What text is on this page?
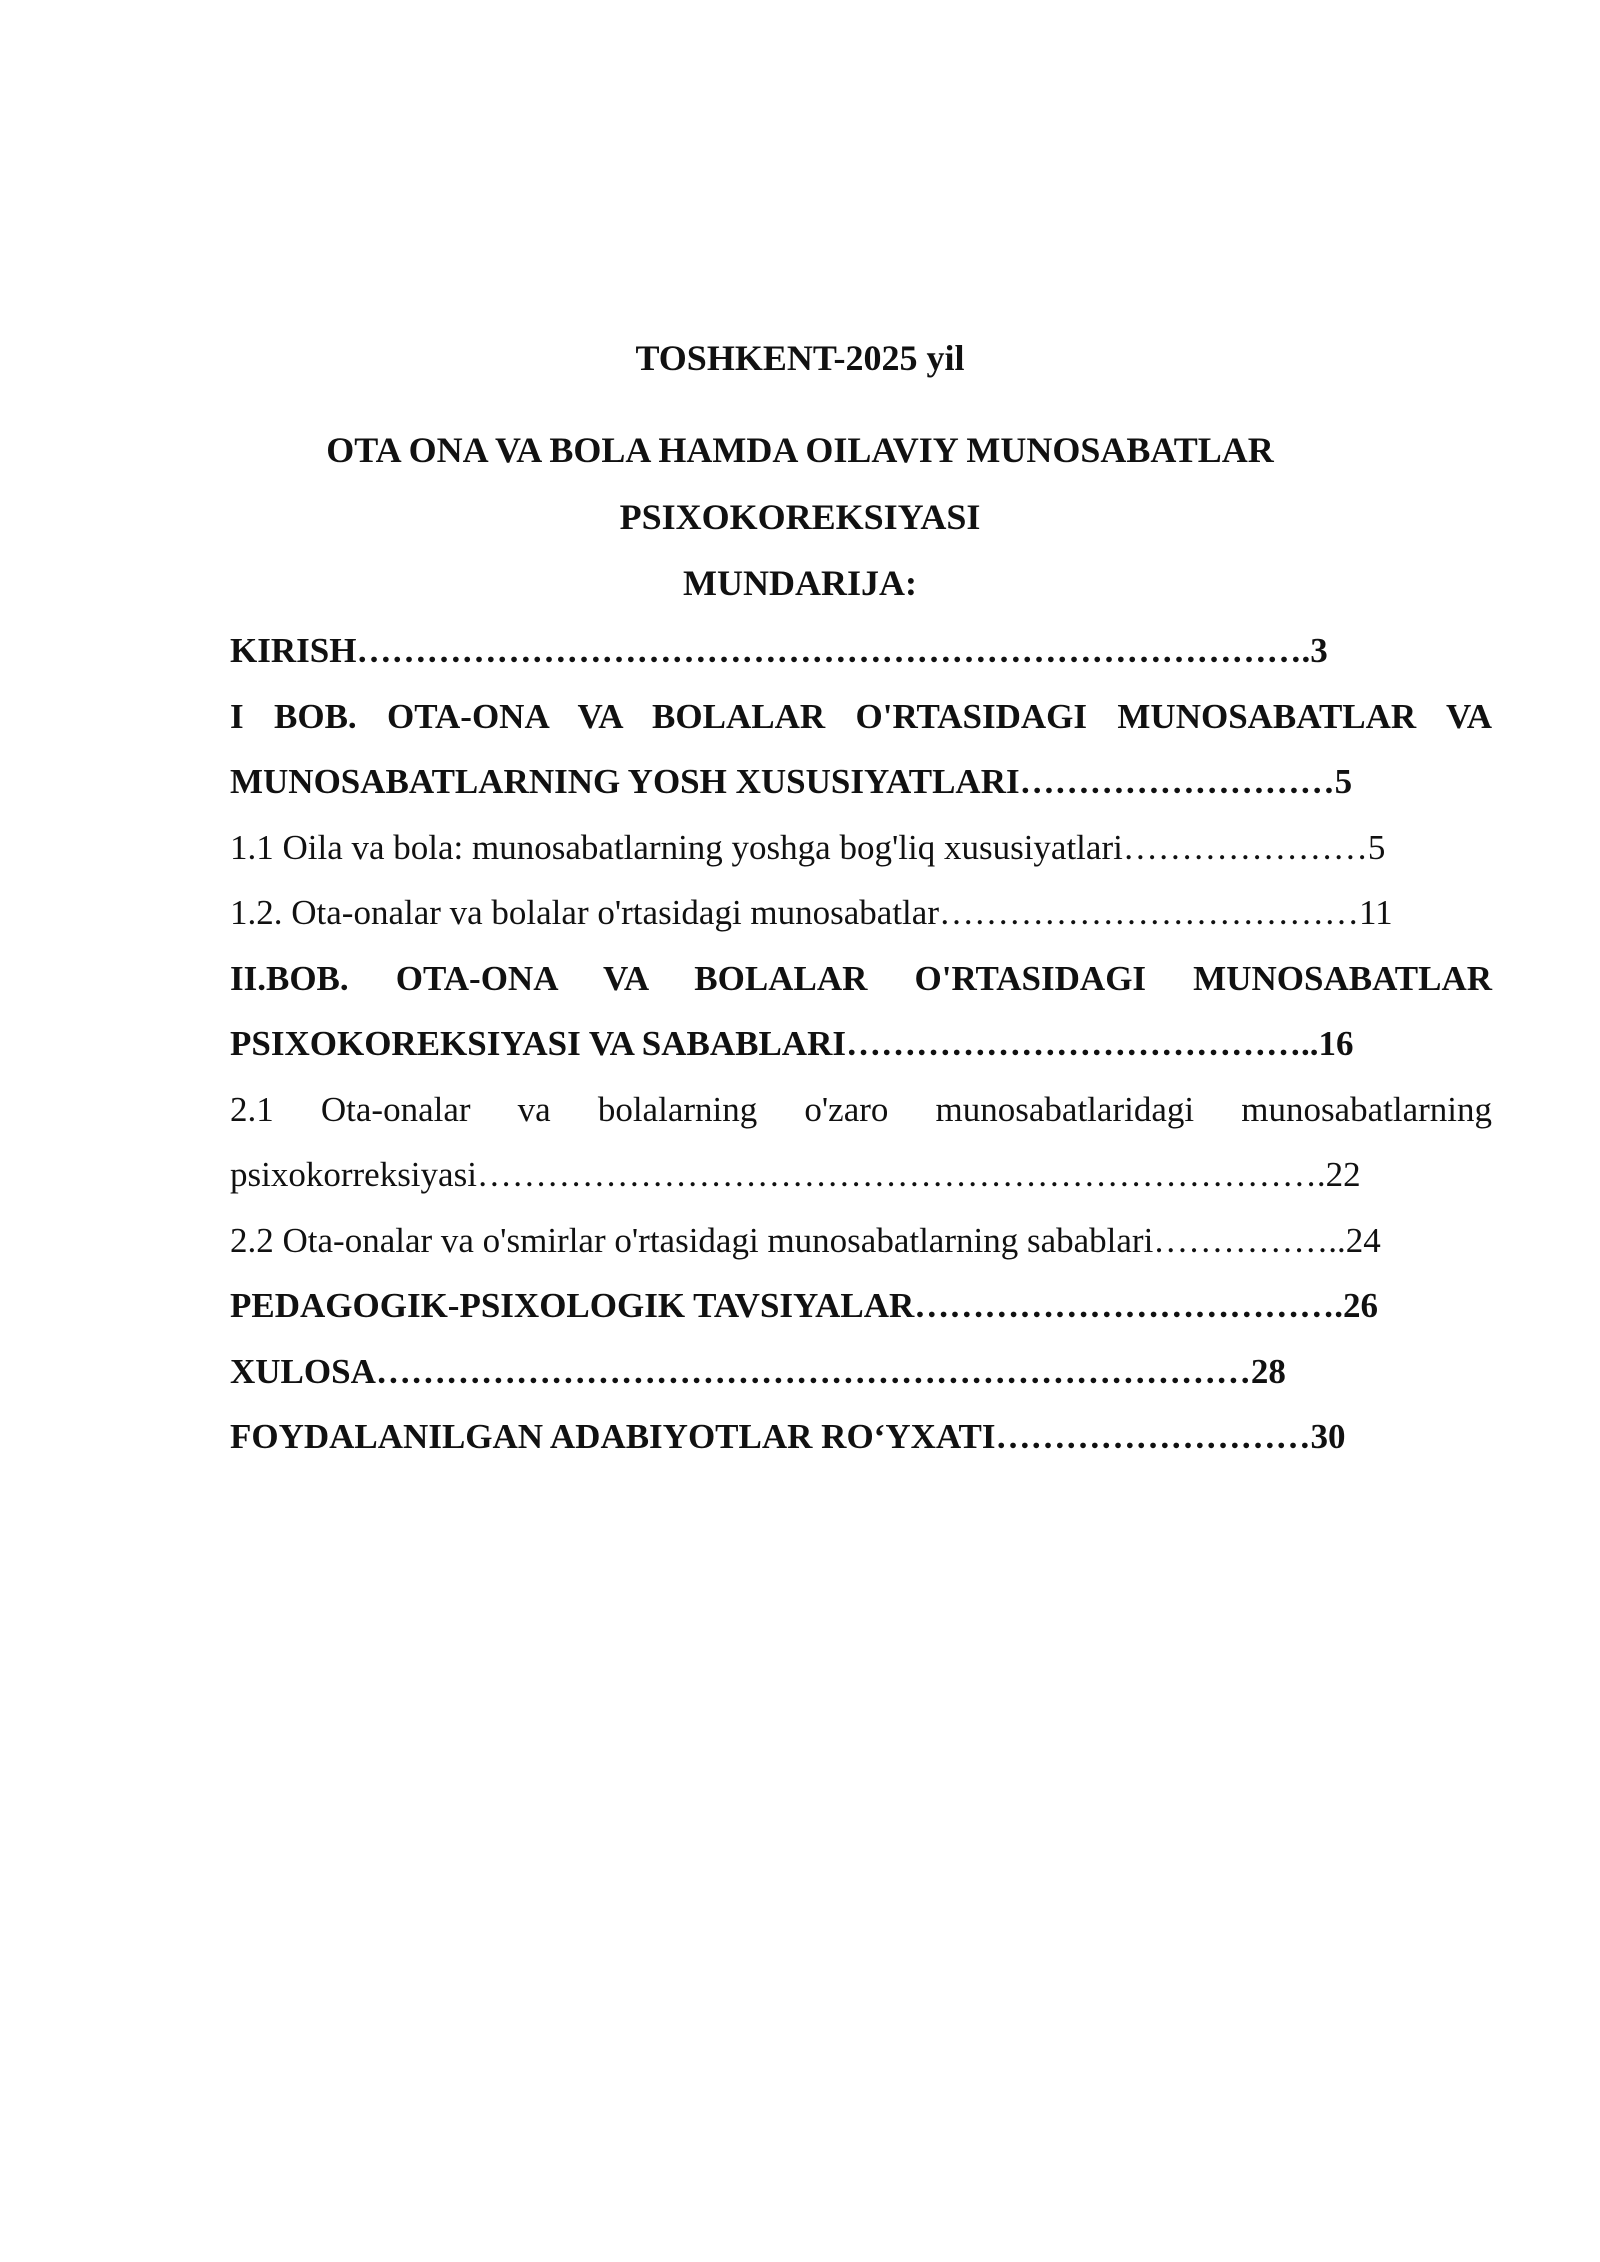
TOSHKENT-2025 yil
OTA ONA VA BOLA HAMDA OILAVIY MUNOSABATLAR
PSIXOKOREKSIYASI
MUNDARIJA:
KIRISH……………………………………………………………………….3
I BOB. OTA-ONA VA BOLALAR O'RTASIDAGI MUNOSABATLAR VA
MUNOSABATLARNING YOSH XUSUSIYATLARI………………………5
1.1 Oila va bola: munosabatlarning yoshga bog'liq xususiyatlari…………………5
1.2. Ota-onalar va bolalar o'rtasidagi munosabatlar………………………………11
II.BOB. OTA-ONA VA BOLALAR O'RTASIDAGI MUNOSABATLAR
PSIXOKOREKSIYASI VA SABABLARI…………………………………..16
2.1 Ota-onalar va bolalarning o'zaro munosabatlaridagi munosabatlarning
psixokorreksiyasi……………………………………………………………….22
2.2 Ota-onalar va o'smirlar o'rtasidagi munosabatlarning sabablari……………..24
PEDAGOGIK-PSIXOLOGIK TAVSIYALAR……………………………….26
XULOSA…………………………………………………………………28
FOYDALANILGAN ADABIYOTLAR RO‘YXATI………………………30
